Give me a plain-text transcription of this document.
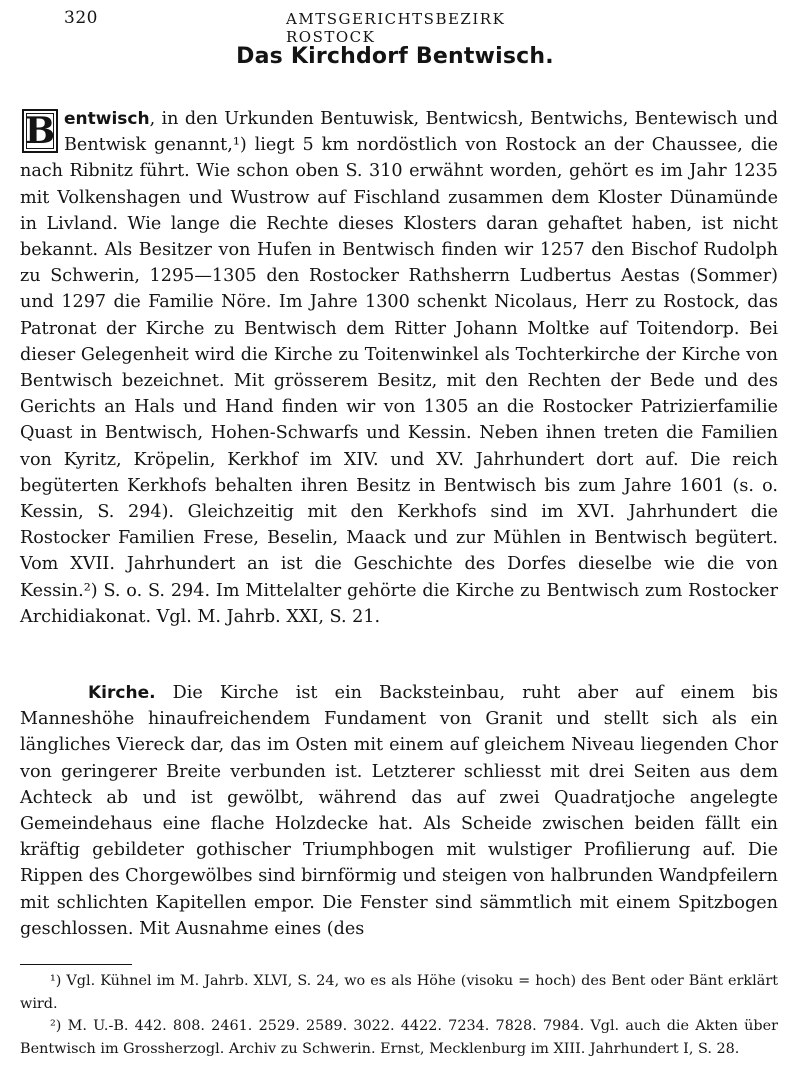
320	AMTSGERICHTSBEZIRK ROSTOCK
Das Kirchdorf Bentwisch.
B entwisch, in den Urkunden Bentuwisk, Bentwicsh, Bentwichs, Bentewisch und Bentwisk genannt,¹) liegt 5 km nordöstlich von Rostock an der Chaussee, die nach Ribnitz führt. Wie schon oben S. 310 erwähnt worden, gehört es im Jahr 1235 mit Volkenshagen und Wustrow auf Fischland zusammen dem Kloster Dünamünde in Livland. Wie lange die Rechte dieses Klosters daran gehaftet haben, ist nicht bekannt. Als Besitzer von Hufen in Bentwisch finden wir 1257 den Bischof Rudolph zu Schwerin, 1295—1305 den Rostocker Rathsherrn Ludbertus Aestas (Sommer) und 1297 die Familie Nöre. Im Jahre 1300 schenkt Nicolaus, Herr zu Rostock, das Patronat der Kirche zu Bentwisch dem Ritter Johann Moltke auf Toitendorp. Bei dieser Gelegenheit wird die Kirche zu Toitenwinkel als Tochterkirche der Kirche von Bentwisch bezeichnet. Mit grösserem Besitz, mit den Rechten der Bede und des Gerichts an Hals und Hand finden wir von 1305 an die Rostocker Patrizierfamilie Quast in Bentwisch, Hohen-Schwarfs und Kessin. Neben ihnen treten die Familien von Kyritz, Kröpelin, Kerkhof im XIV. und XV. Jahrhundert dort auf. Die reich begüterten Kerkhofs behalten ihren Besitz in Bentwisch bis zum Jahre 1601 (s. o. Kessin, S. 294). Gleichzeitig mit den Kerkhofs sind im XVI. Jahrhundert die Rostocker Familien Frese, Beselin, Maack und zur Mühlen in Bentwisch begütert. Vom XVII. Jahrhundert an ist die Geschichte des Dorfes dieselbe wie die von Kessin.²) S. o. S. 294. Im Mittelalter gehörte die Kirche zu Bentwisch zum Rostocker Archidiakonat. Vgl. M. Jahrb. XXI, S. 21.
Kirche. Die Kirche ist ein Backsteinbau, ruht aber auf einem bis Manneshöhe hinaufreichendem Fundament von Granit und stellt sich als ein längliches Viereck dar, das im Osten mit einem auf gleichem Niveau liegenden Chor von geringerer Breite verbunden ist. Letzterer schliesst mit drei Seiten aus dem Achteck ab und ist gewölbt, während das auf zwei Quadratjoche angelegte Gemeindehaus eine flache Holzdecke hat. Als Scheide zwischen beiden fällt ein kräftig gebildeter gothischer Triumphbogen mit wulstiger Profilierung auf. Die Rippen des Chorgewölbes sind birnförmig und steigen von halbrunden Wandpfeilern mit schlichten Kapitellen empor. Die Fenster sind sämmtlich mit einem Spitzbogen geschlossen. Mit Ausnahme eines (des

¹) Vgl. Kühnel im M. Jahrb. XLVI, S. 24, wo es als Höhe (visoku = hoch) des Bent oder Bänt erklärt wird.

²) M. U.-B. 442. 808. 2461. 2529. 2589. 3022. 4422. 7234. 7828. 7984. Vgl. auch die Akten über Bentwisch im Grossherzogl. Archiv zu Schwerin. Ernst, Mecklenburg im XIII. Jahrhundert I, S. 28.
